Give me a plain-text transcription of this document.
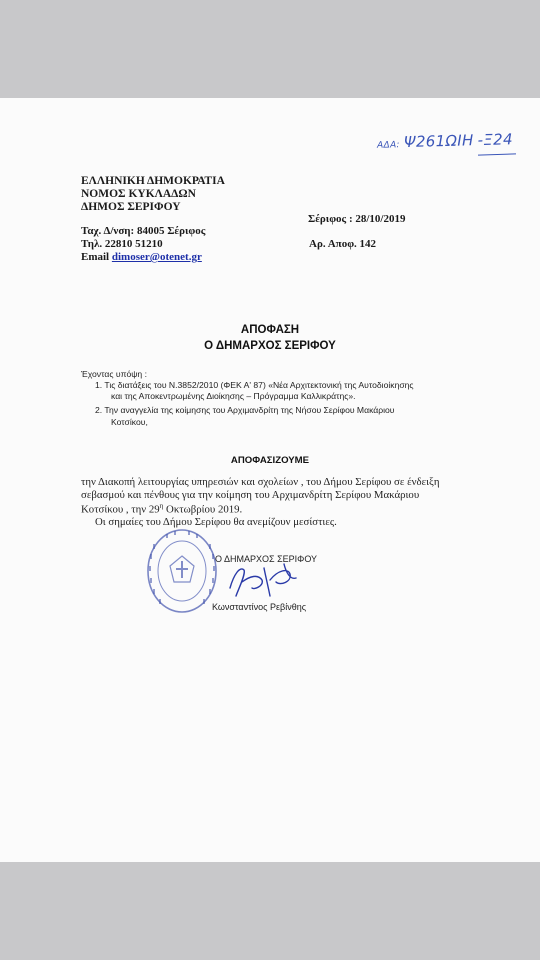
ΑΔΑ: Ψ261ΩΙΗ -Ξ24
ΕΛΛΗΝΙΚΗ ΔΗΜΟΚΡΑΤΙΑ
ΝΟΜΟΣ ΚΥΚΛΑΔΩΝ
ΔΗΜΟΣ ΣΕΡΙΦΟΥ
Σέριφος : 28/10/2019
Ταχ. Δ/νση: 84005 Σέριφος
Τηλ. 22810 51210	Αρ. Αποφ. 142
Email dimoser@otenet.gr
ΑΠΟΦΑΣΗ
Ο ΔΗΜΑΡΧΟΣ ΣΕΡΙΦΟΥ
Έχοντας υπόψη :
1. Τις διατάξεις του Ν.3852/2010 (ΦΕΚ Α' 87) «Νέα Αρχιτεκτονική της Αυτοδιοίκησης
και της Αποκεντρωμένης Διοίκησης – Πρόγραμμα Καλλικράτης».
2. Την αναγγελία της κοίμησης του Αρχιμανδρίτη της Νήσου Σερίφου Μακάριου
Κοτσίκου,
ΑΠΟΦΑΣΙΖΟΥΜΕ
την Διακοπή λειτουργίας υπηρεσιών και σχολείων , του Δήμου Σερίφου σε ένδειξη
σεβασμού και πένθους για την κοίμηση του Αρχιμανδρίτη Σερίφου Μακάριου
Κοτσίκου , την $29^\eta$ Οκτωβρίου 2019.
Οι σημαίες του Δήμου Σερίφου θα ανεμίζουν μεσίστιες.
Ο ΔΗΜΑΡΧΟΣ ΣΕΡΙΦΟΥ
Κωνσταντίνος Ρεβίνθης
